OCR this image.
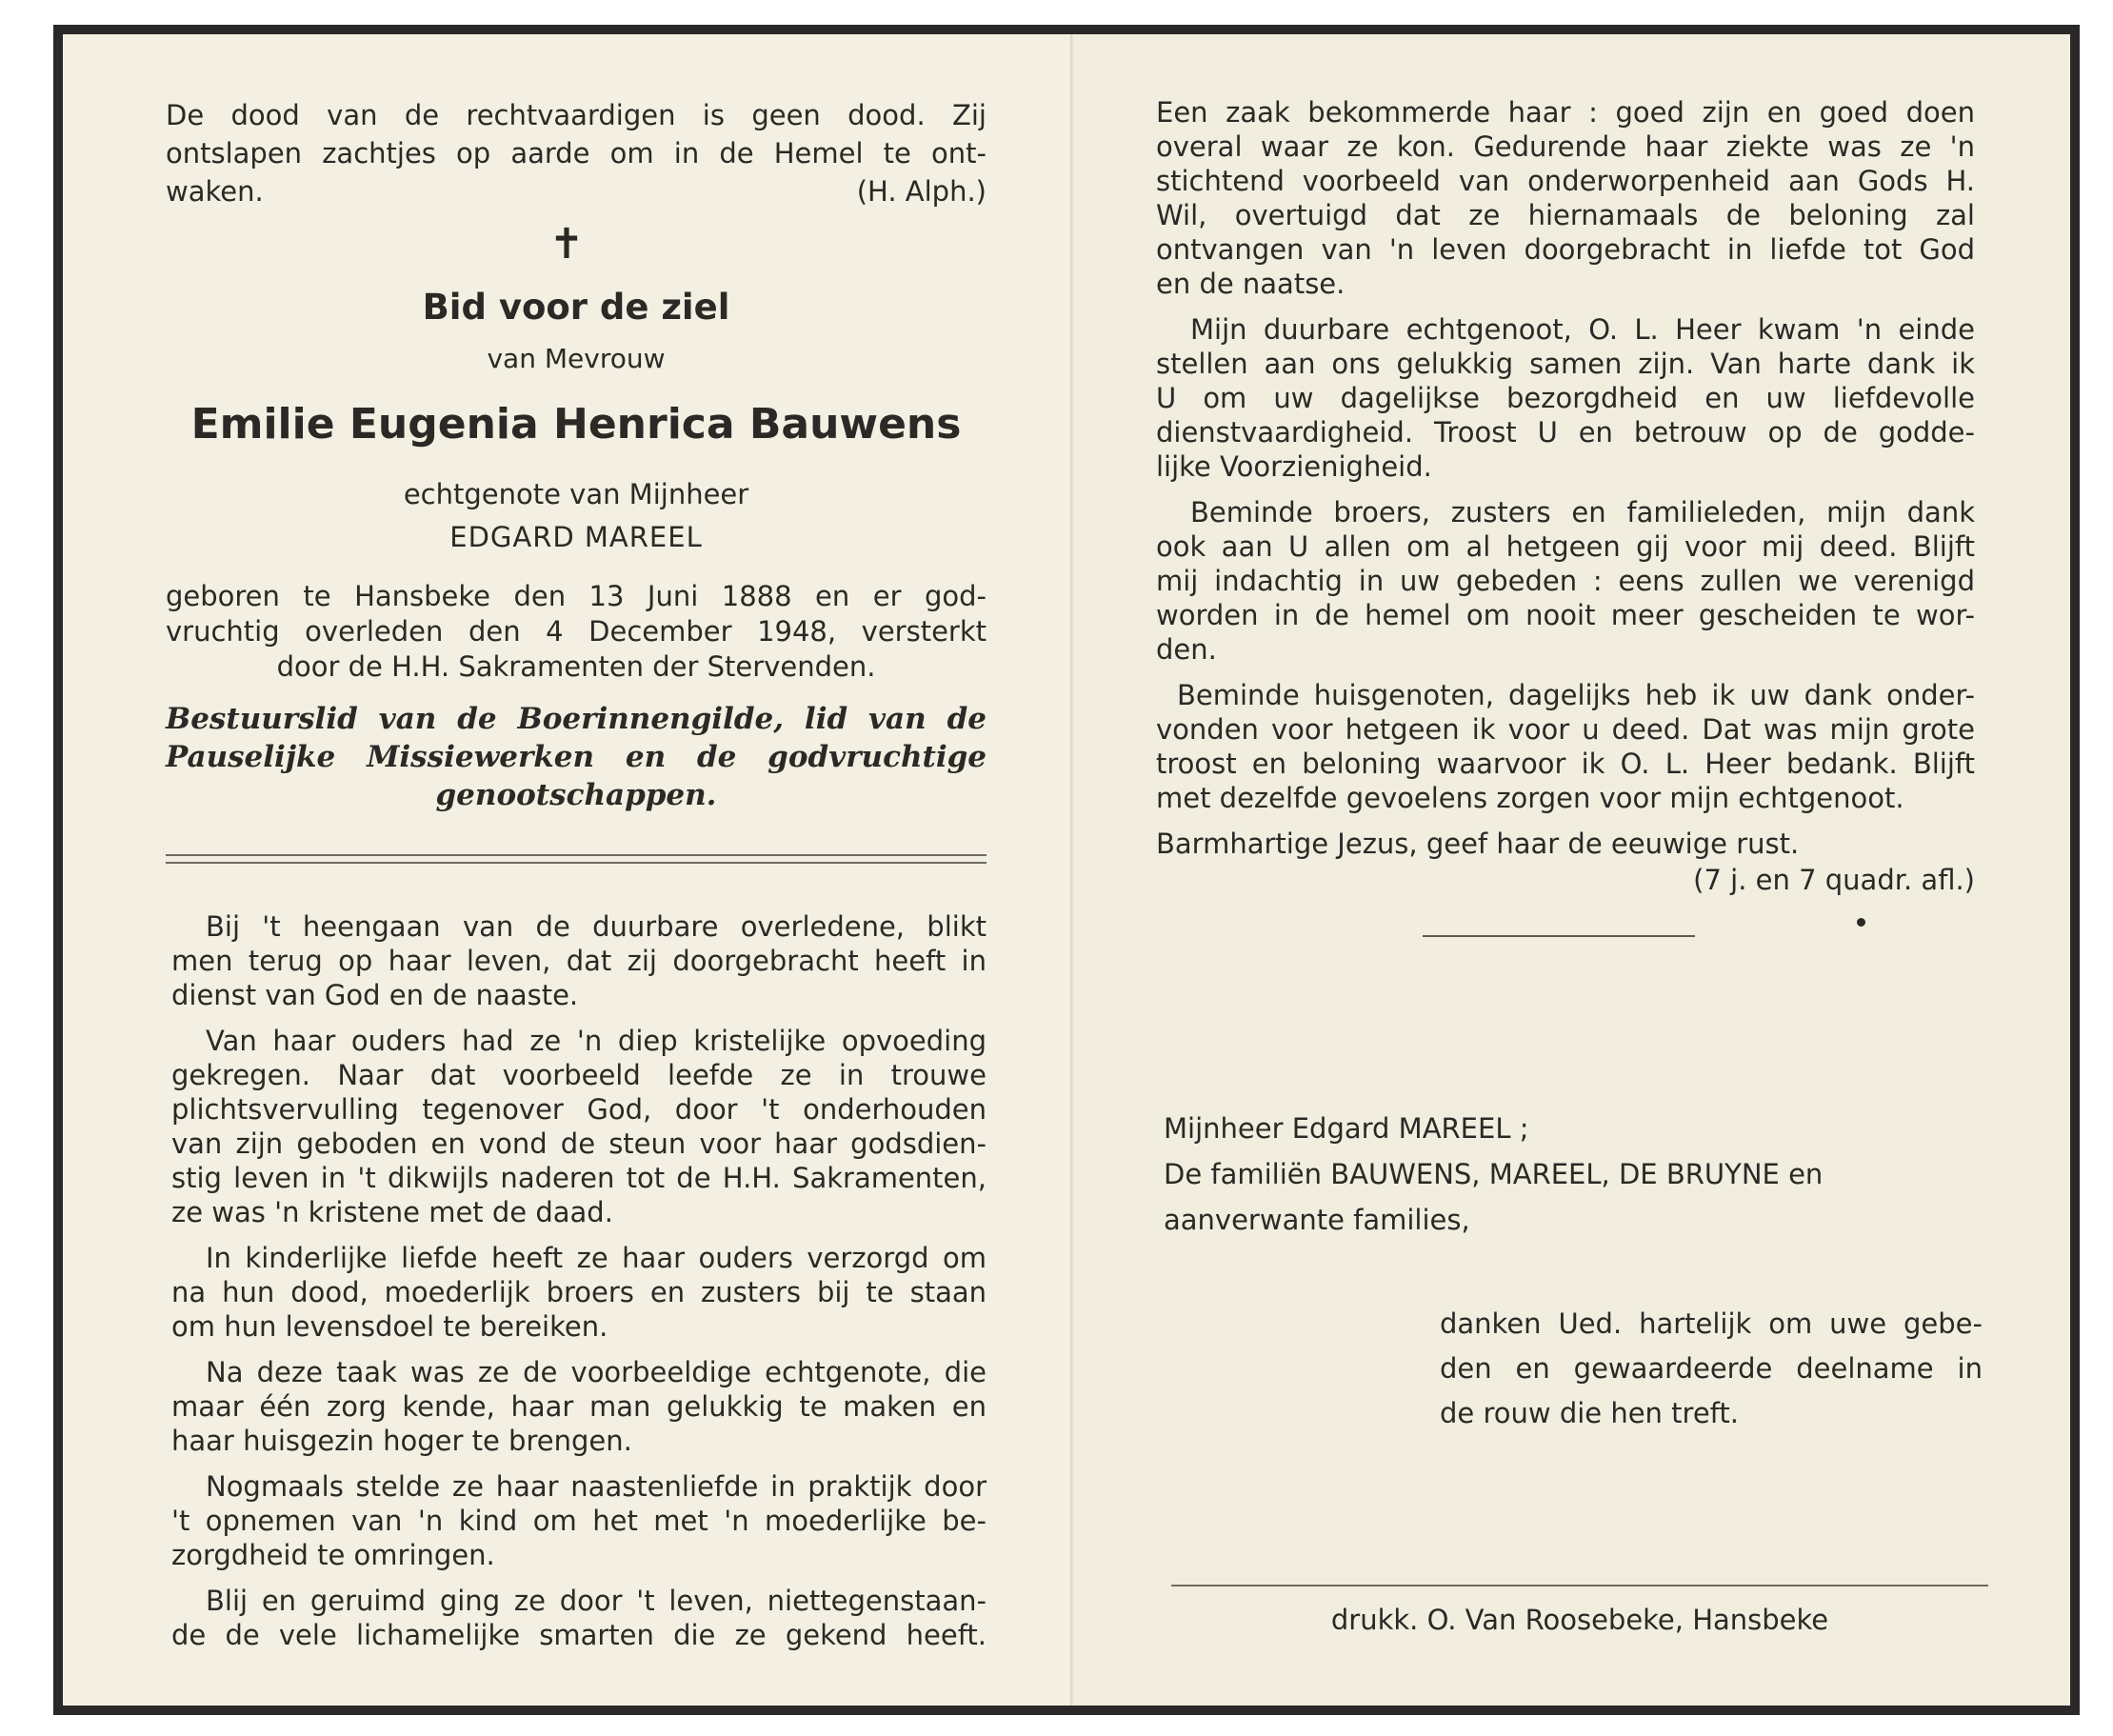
De dood van de rechtvaardigen is geen dood. Zij
ontslapen zachtjes op aarde om in de Hemel te ont-
waken.	(H. Alph.)
✝
Bid voor de ziel
van Mevrouw
Emilie Eugenia Henrica Bauwens
echtgenote van Mijnheer
EDGARD MAREEL
geboren te Hansbeke den 13 Juni 1888 en er god-
vruchtig overleden den 4 December 1948, versterkt
door de H.H. Sakramenten der Stervenden.
Bestuurslid van de Boerinnengilde, lid van de
Pauselijke Missiewerken en de godvruchtige
genootschappen.
Bij 't heengaan van de duurbare overledene, blikt
men terug op haar leven, dat zij doorgebracht heeft in
dienst van God en de naaste.
Van haar ouders had ze 'n diep kristelijke opvoeding
gekregen. Naar dat voorbeeld leefde ze in trouwe
plichtsvervulling tegenover God, door 't onderhouden
van zijn geboden en vond de steun voor haar godsdien-
stig leven in 't dikwijls naderen tot de H.H. Sakramenten,
ze was 'n kristene met de daad.
In kinderlijke liefde heeft ze haar ouders verzorgd om
na hun dood, moederlijk broers en zusters bij te staan
om hun levensdoel te bereiken.
Na deze taak was ze de voorbeeldige echtgenote, die
maar één zorg kende, haar man gelukkig te maken en
haar huisgezin hoger te brengen.
Nogmaals stelde ze haar naastenliefde in praktijk door
't opnemen van 'n kind om het met 'n moederlijke be-
zorgdheid te omringen.
Blij en geruimd ging ze door 't leven, niettegenstaan-
de de vele lichamelijke smarten die ze gekend heeft.
Een zaak bekommerde haar : goed zijn en goed doen
overal waar ze kon. Gedurende haar ziekte was ze 'n
stichtend voorbeeld van onderworpenheid aan Gods H.
Wil, overtuigd dat ze hiernamaals de beloning zal
ontvangen van 'n leven doorgebracht in liefde tot God
en de naatse.
Mijn duurbare echtgenoot, O. L. Heer kwam 'n einde
stellen aan ons gelukkig samen zijn. Van harte dank ik
U om uw dagelijkse bezorgdheid en uw liefdevolle
dienstvaardigheid. Troost U en betrouw op de godde-
lijke Voorzienigheid.
Beminde broers, zusters en familieleden, mijn dank
ook aan U allen om al hetgeen gij voor mij deed. Blijft
mij indachtig in uw gebeden : eens zullen we verenigd
worden in de hemel om nooit meer gescheiden te wor-
den.
Beminde huisgenoten, dagelijks heb ik uw dank onder-
vonden voor hetgeen ik voor u deed. Dat was mijn grote
troost en beloning waarvoor ik O. L. Heer bedank. Blijft
met dezelfde gevoelens zorgen voor mijn echtgenoot.
Barmhartige Jezus, geef haar de eeuwige rust.
(7 j. en 7 quadr. afl.)
Mijnheer Edgard MAREEL ;
De familiën BAUWENS, MAREEL, DE BRUYNE en
aanverwante families,
danken Ued. hartelijk om uwe gebe-
den en gewaardeerde deelname in
de rouw die hen treft.
drukk. O. Van Roosebeke, Hansbeke
